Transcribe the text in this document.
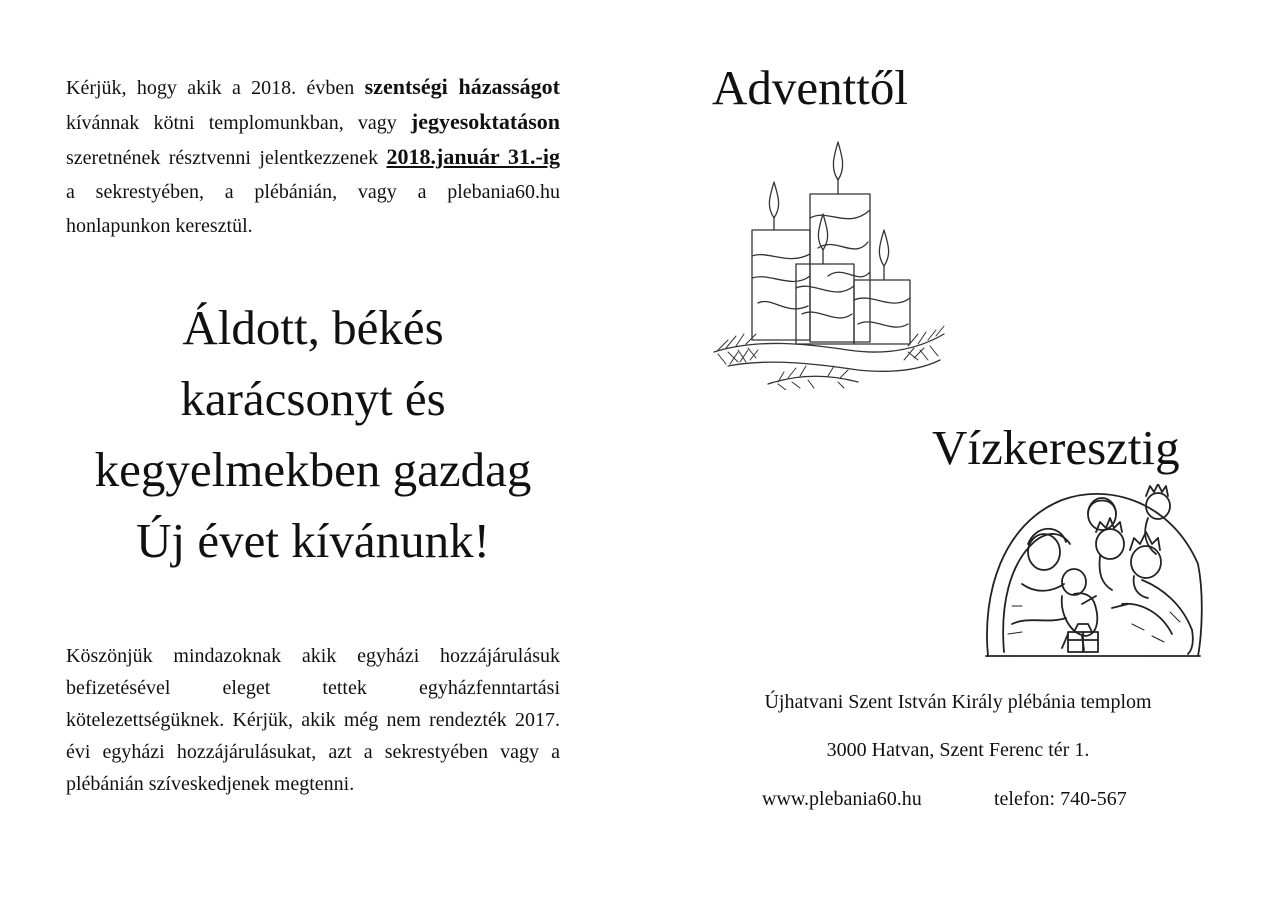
Kérjük, hogy akik a 2018. évben szentségi házasságot kívánnak kötni templomunkban, vagy jegyesoktatáson szeretnének résztvenni jelentkezzenek 2018.január 31.-ig a sekrestyében, a plébánián, vagy a plebania60.hu honlapunkon keresztül.
Áldott, békés
karácsonyt és
kegyelmekben gazdag
Új évet kívánunk!
Köszönjük mindazoknak akik egyházi hozzájárulásuk befizetésével eleget tettek egyházfenntartási kötelezettségüknek. Kérjük, akik még nem rendezték 2017. évi egyházi hozzájárulásukat, azt a sekrestyében vagy a plébánián szíveskedjenek megtenni.
Adventtől
Vízkeresztig
Újhatvani Szent István Király plébánia templom
3000 Hatvan, Szent Ferenc tér 1.
www.plebania60.hu	telefon: 740-567
